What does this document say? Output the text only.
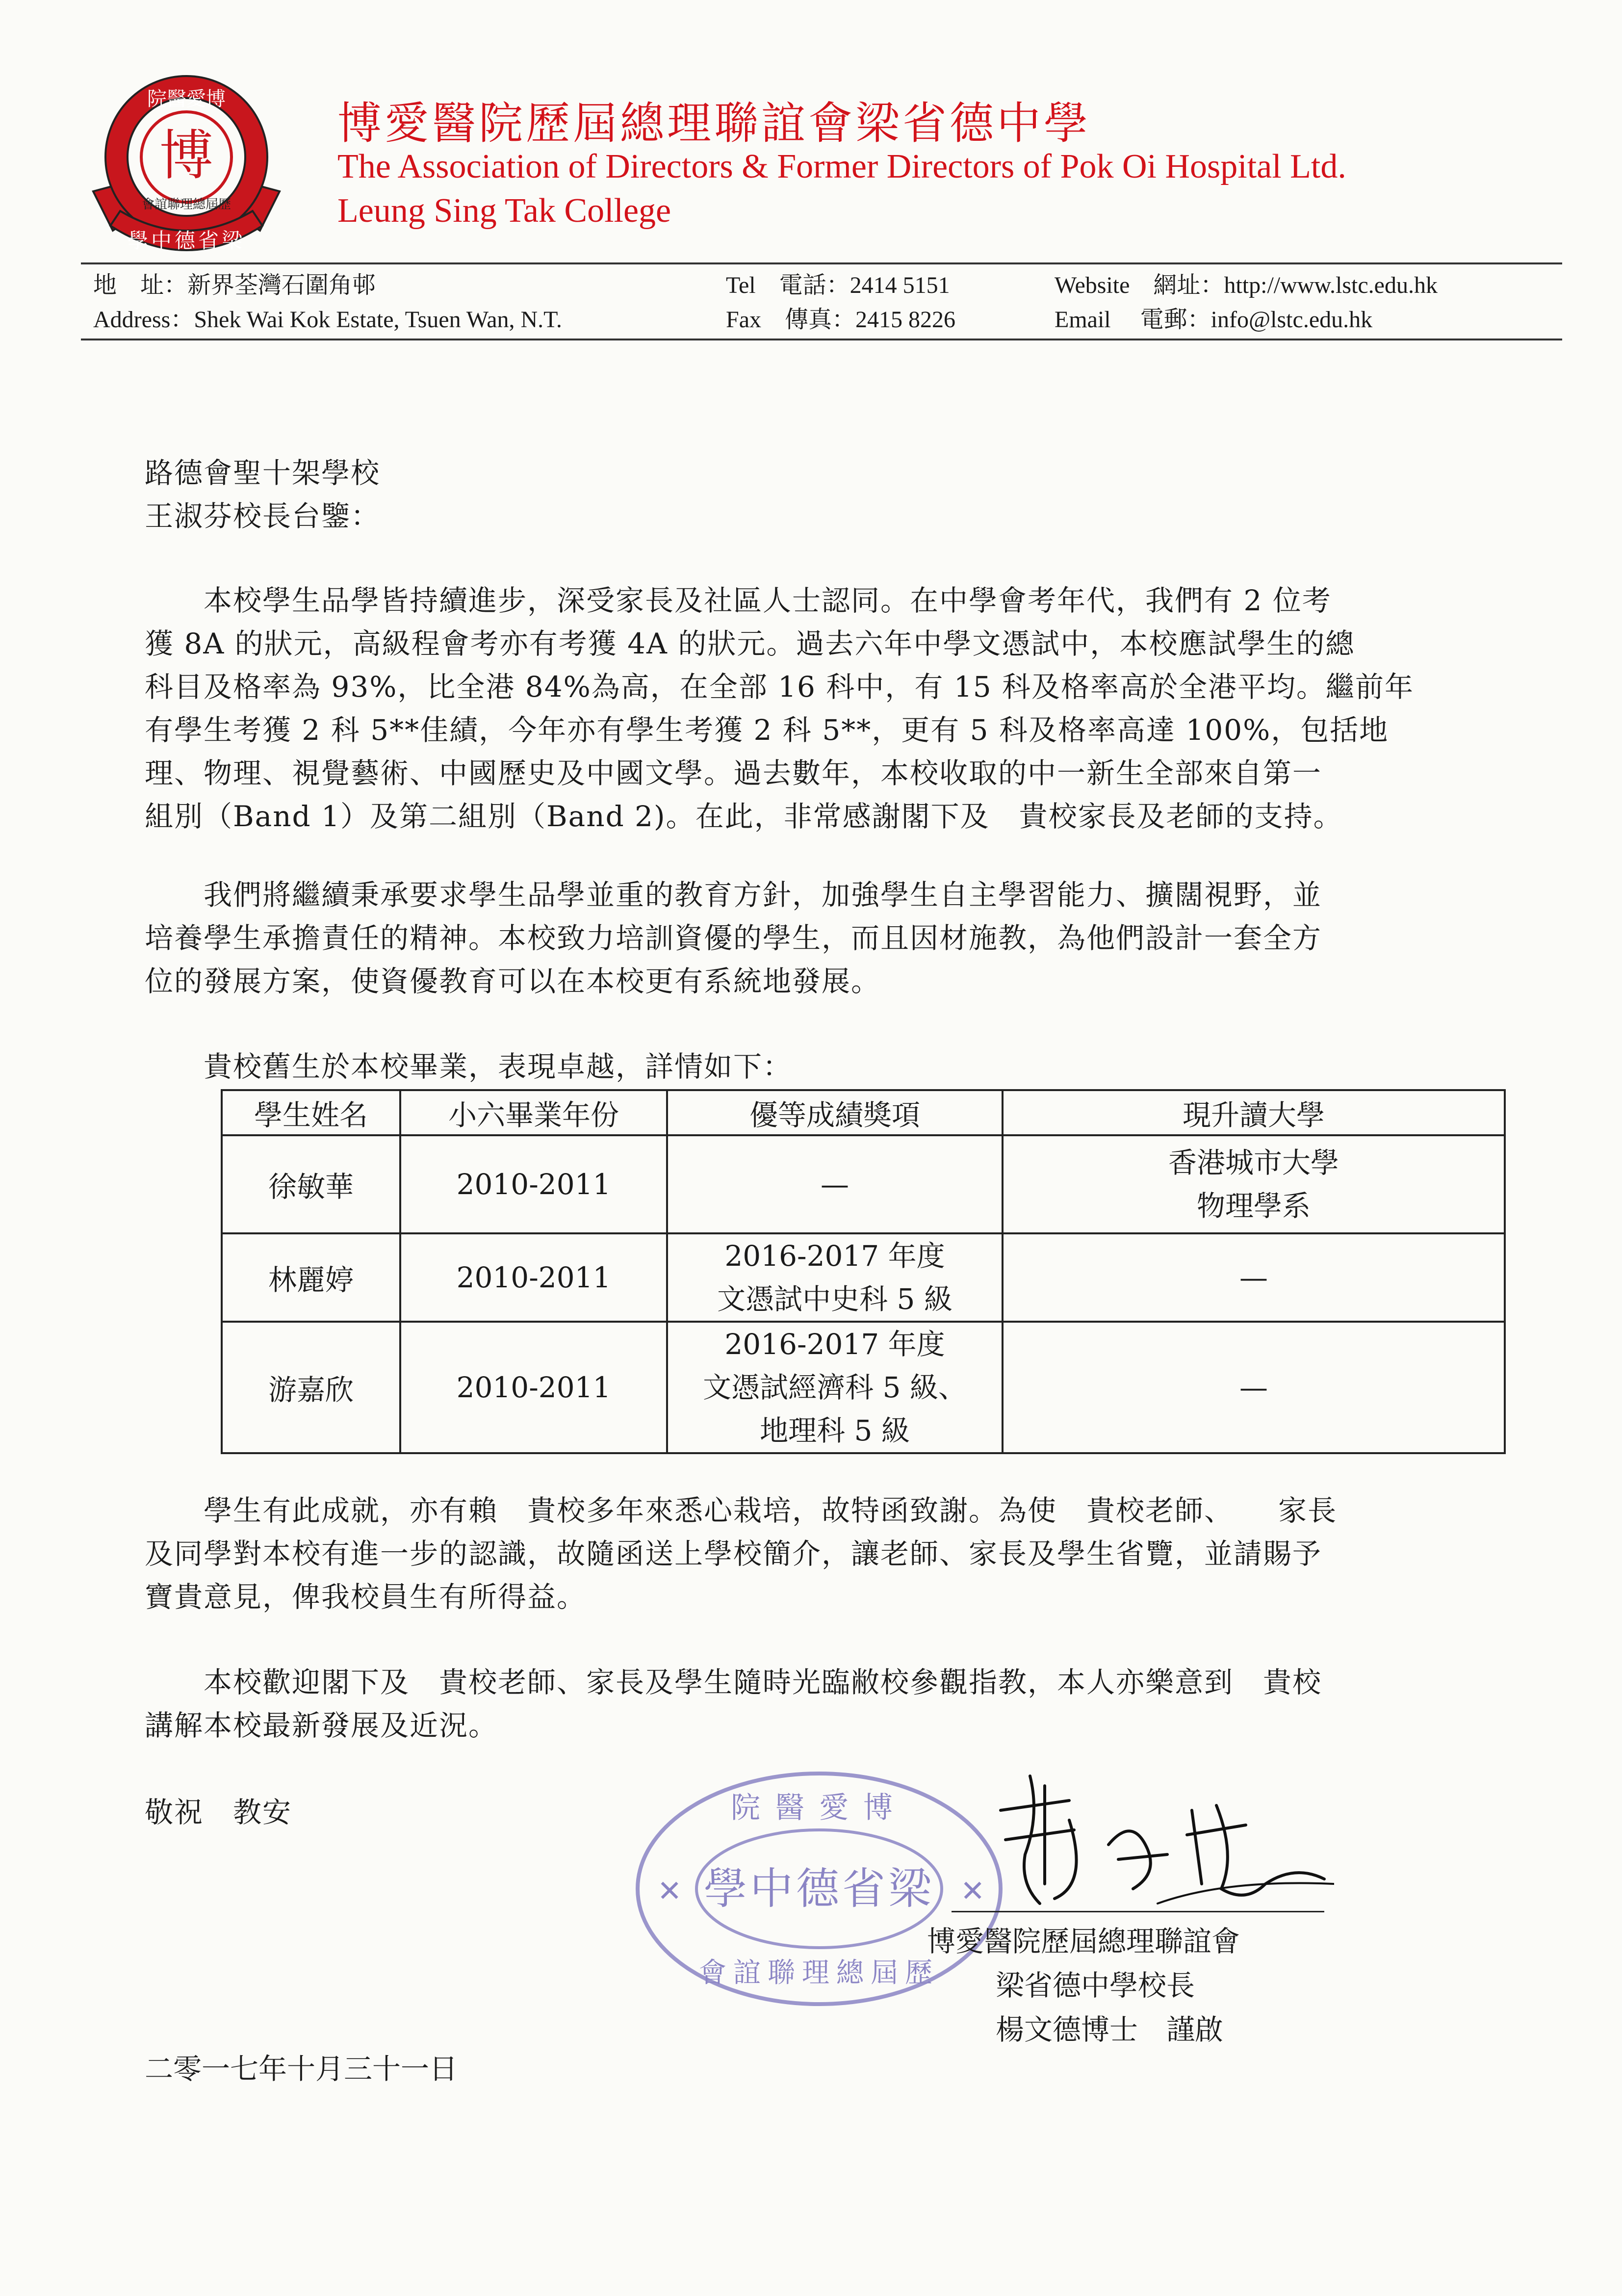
博
院醫愛博
學中德省梁
會誼聯理總屆歷
博愛醫院歷屆總理聯誼會梁省德中學
The Association of Directors & Former Directors of Pok Oi Hospital Ltd.
Leung Sing Tak College
地　址：新界荃灣石圍角邨
Address：Shek Wai Kok Estate, Tsuen Wan, N.T.
Tel　電話：2414 5151
Fax　傳真：2415 8226
Website　網址：http://www.lstc.edu.hk
Email　 電郵：info@lstc.edu.hk
路德會聖十架學校
王淑芬校長台鑒：
　　本校學生品學皆持續進步，深受家長及社區人士認同。在中學會考年代，我們有 2 位考
獲 8A 的狀元，高級程會考亦有考獲 4A 的狀元。過去六年中學文憑試中，本校應試學生的總
科目及格率為 93%，比全港 84%為高，在全部 16 科中，有 15 科及格率高於全港平均。繼前年
有學生考獲 2 科 5**佳績，今年亦有學生考獲 2 科 5**，更有 5 科及格率高達 100%，包括地
理、物理、視覺藝術、中國歷史及中國文學。過去數年，本校收取的中一新生全部來自第一
組別（Band 1）及第二組別（Band 2)。在此，非常感謝閣下及　貴校家長及老師的支持。
　　我們將繼續秉承要求學生品學並重的教育方針，加強學生自主學習能力、擴闊視野，並
培養學生承擔責任的精神。本校致力培訓資優的學生，而且因材施教，為他們設計一套全方
位的發展方案，使資優教育可以在本校更有系統地發展。
　　貴校舊生於本校畢業，表現卓越，詳情如下：
學生姓名	小六畢業年份	優等成績獎項	現升讀大學
徐敏華	2010-2011	—	香港城市大學
物理學系

林麗婷	2010-2011	2016-2017 年度
文憑試中史科 5 級	—

游嘉欣	2010-2011	2016-2017 年度
文憑試經濟科 5 級、
地理科 5 級	—
　　學生有此成就，亦有賴　貴校多年來悉心栽培，故特函致謝。為使　貴校老師、　　家長
及同學對本校有進一步的認識，故隨函送上學校簡介，讓老師、家長及學生省覽，並請賜予
寶貴意見，俾我校員生有所得益。
　　本校歡迎閣下及　貴校老師、家長及學生隨時光臨敝校參觀指教，本人亦樂意到　貴校
講解本校最新發展及近況。
敬祝　教安	院醫愛博
學中德省梁
會誼聯理總屆歷
✕	✕
博愛醫院歷屆總理聯誼會
梁省德中學校長
楊文德博士　謹啟
二零一七年十月三十一日
